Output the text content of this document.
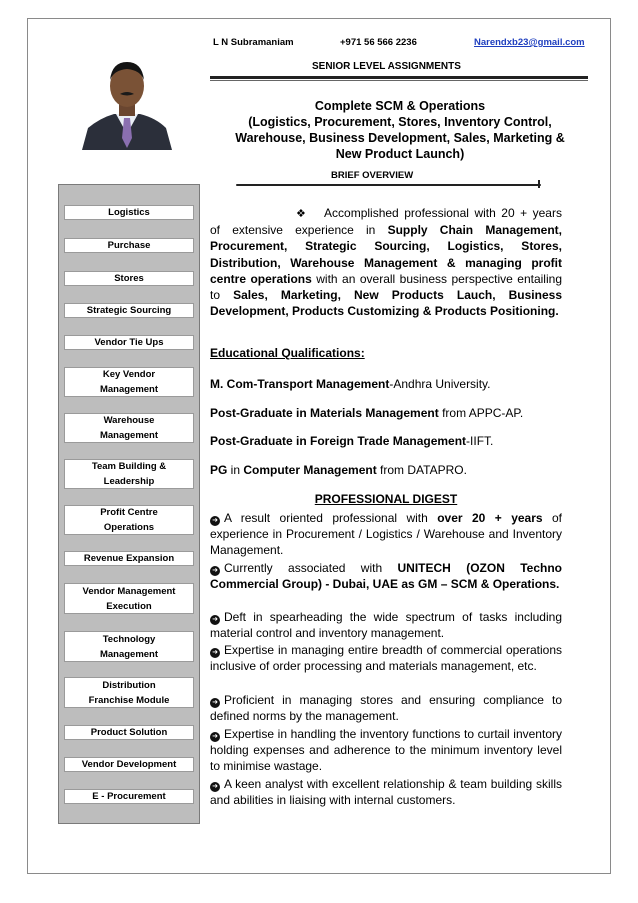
L N Subramaniam	+971 56 566 2236	Narendxb23@gmail.com
SENIOR LEVEL ASSIGNMENTS
Complete SCM & Operations
(Logistics, Procurement, Stores, Inventory Control,
Warehouse, Business Development, Sales, Marketing &
New Product Launch)
BRIEF OVERVIEW
Logistics
Purchase
Stores
Strategic Sourcing
Vendor Tie Ups
Key Vendor
Management
Warehouse
Management
Team Building &
Leadership
Profit Centre
Operations
Revenue Expansion
Vendor Management
Execution
Technology
Management
Distribution
Franchise Module
Product Solution
Vendor Development
E - Procurement
❖ Accomplished professional with 20 + years of extensive experience in Supply Chain Management, Procurement, Strategic Sourcing, Logistics, Stores, Distribution, Warehouse Management & managing profit centre operations with an overall business perspective entailing to Sales, Marketing, New Products Lauch, Business Development, Products Customizing & Products Positioning.
Educational Qualifications:
M. Com-Transport Management-Andhra University.
Post-Graduate in Materials Management from APPC-AP.
Post-Graduate in Foreign Trade Management-IIFT.
PG in Computer Management from DATAPRO.
PROFESSIONAL DIGEST
➜ A result oriented professional with over 20 + years of experience in Procurement / Logistics / Warehouse and Inventory Management.
➜ Currently associated with UNITECH (OZON Techno Commercial Group) - Dubai, UAE as GM – SCM & Operations.
➜ Deft in spearheading the wide spectrum of tasks including material control and inventory management.
➜ Expertise in managing entire breadth of commercial operations inclusive of order processing and materials management, etc.
➜ Proficient in managing stores and ensuring compliance to defined norms by the management.
➜ Expertise in handling the inventory functions to curtail inventory holding expenses and adherence to the minimum inventory level to minimise wastage.
➜ A keen analyst with excellent relationship & team building skills and abilities in liaising with internal customers.
